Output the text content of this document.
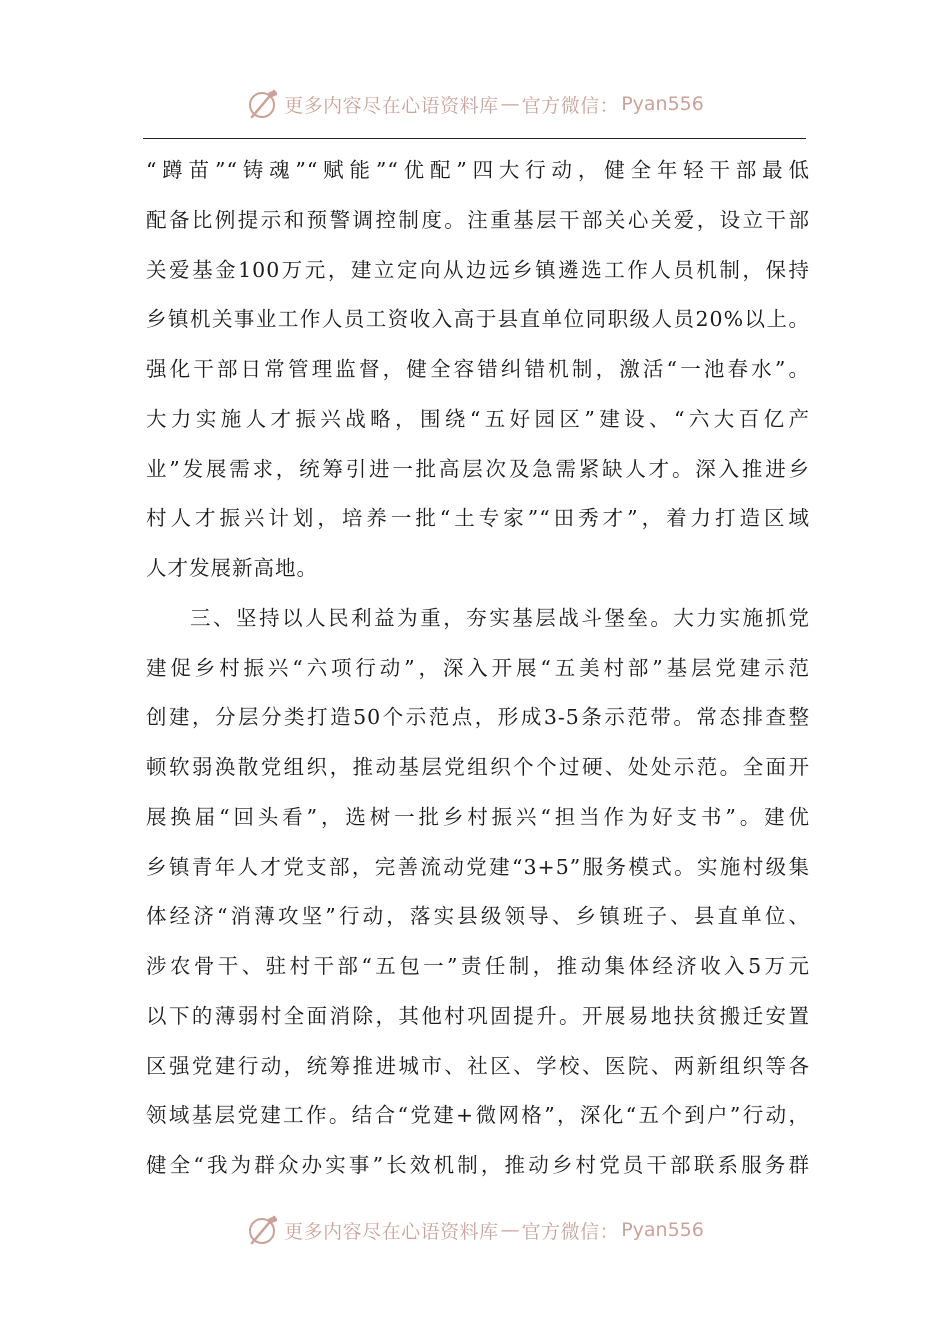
更多内容尽在心语资料库 — 官方微信： Pyan556
“蹲苗”“铸魂”“赋能”“优配”四大行动，健全年轻干部最低
配备比例提示和预警调控制度。注重基层干部关心关爱，设立干部
关爱基金100万元，建立定向从边远乡镇遴选工作人员机制，保持
乡镇机关事业工作人员工资收入高于县直单位同职级人员20%以上。
强化干部日常管理监督，健全容错纠错机制，激活“一池春水”。
大力实施人才振兴战略，围绕“五好园区”建设、“六大百亿产
业”发展需求，统筹引进一批高层次及急需紧缺人才。深入推进乡
村人才振兴计划，培养一批“土专家”“田秀才”，着力打造区域
人才发展新高地。
三、坚持以人民利益为重，夯实基层战斗堡垒。大力实施抓党
建促乡村振兴“六项行动”，深入开展“五美村部”基层党建示范
创建，分层分类打造50个示范点，形成3-5条示范带。常态排查整
顿软弱涣散党组织，推动基层党组织个个过硬、处处示范。全面开
展换届“回头看”，选树一批乡村振兴“担当作为好支书”。建优
乡镇青年人才党支部，完善流动党建“3+5”服务模式。实施村级集
体经济“消薄攻坚”行动，落实县级领导、乡镇班子、县直单位、
涉农骨干、驻村干部“五包一”责任制，推动集体经济收入5万元
以下的薄弱村全面消除，其他村巩固提升。开展易地扶贫搬迁安置
区强党建行动，统筹推进城市、社区、学校、医院、两新组织等各
领域基层党建工作。结合“党建+微网格”，深化“五个到户”行动，
健全“我为群众办实事”长效机制，推动乡村党员干部联系服务群
更多内容尽在心语资料库 — 官方微信： Pyan556
